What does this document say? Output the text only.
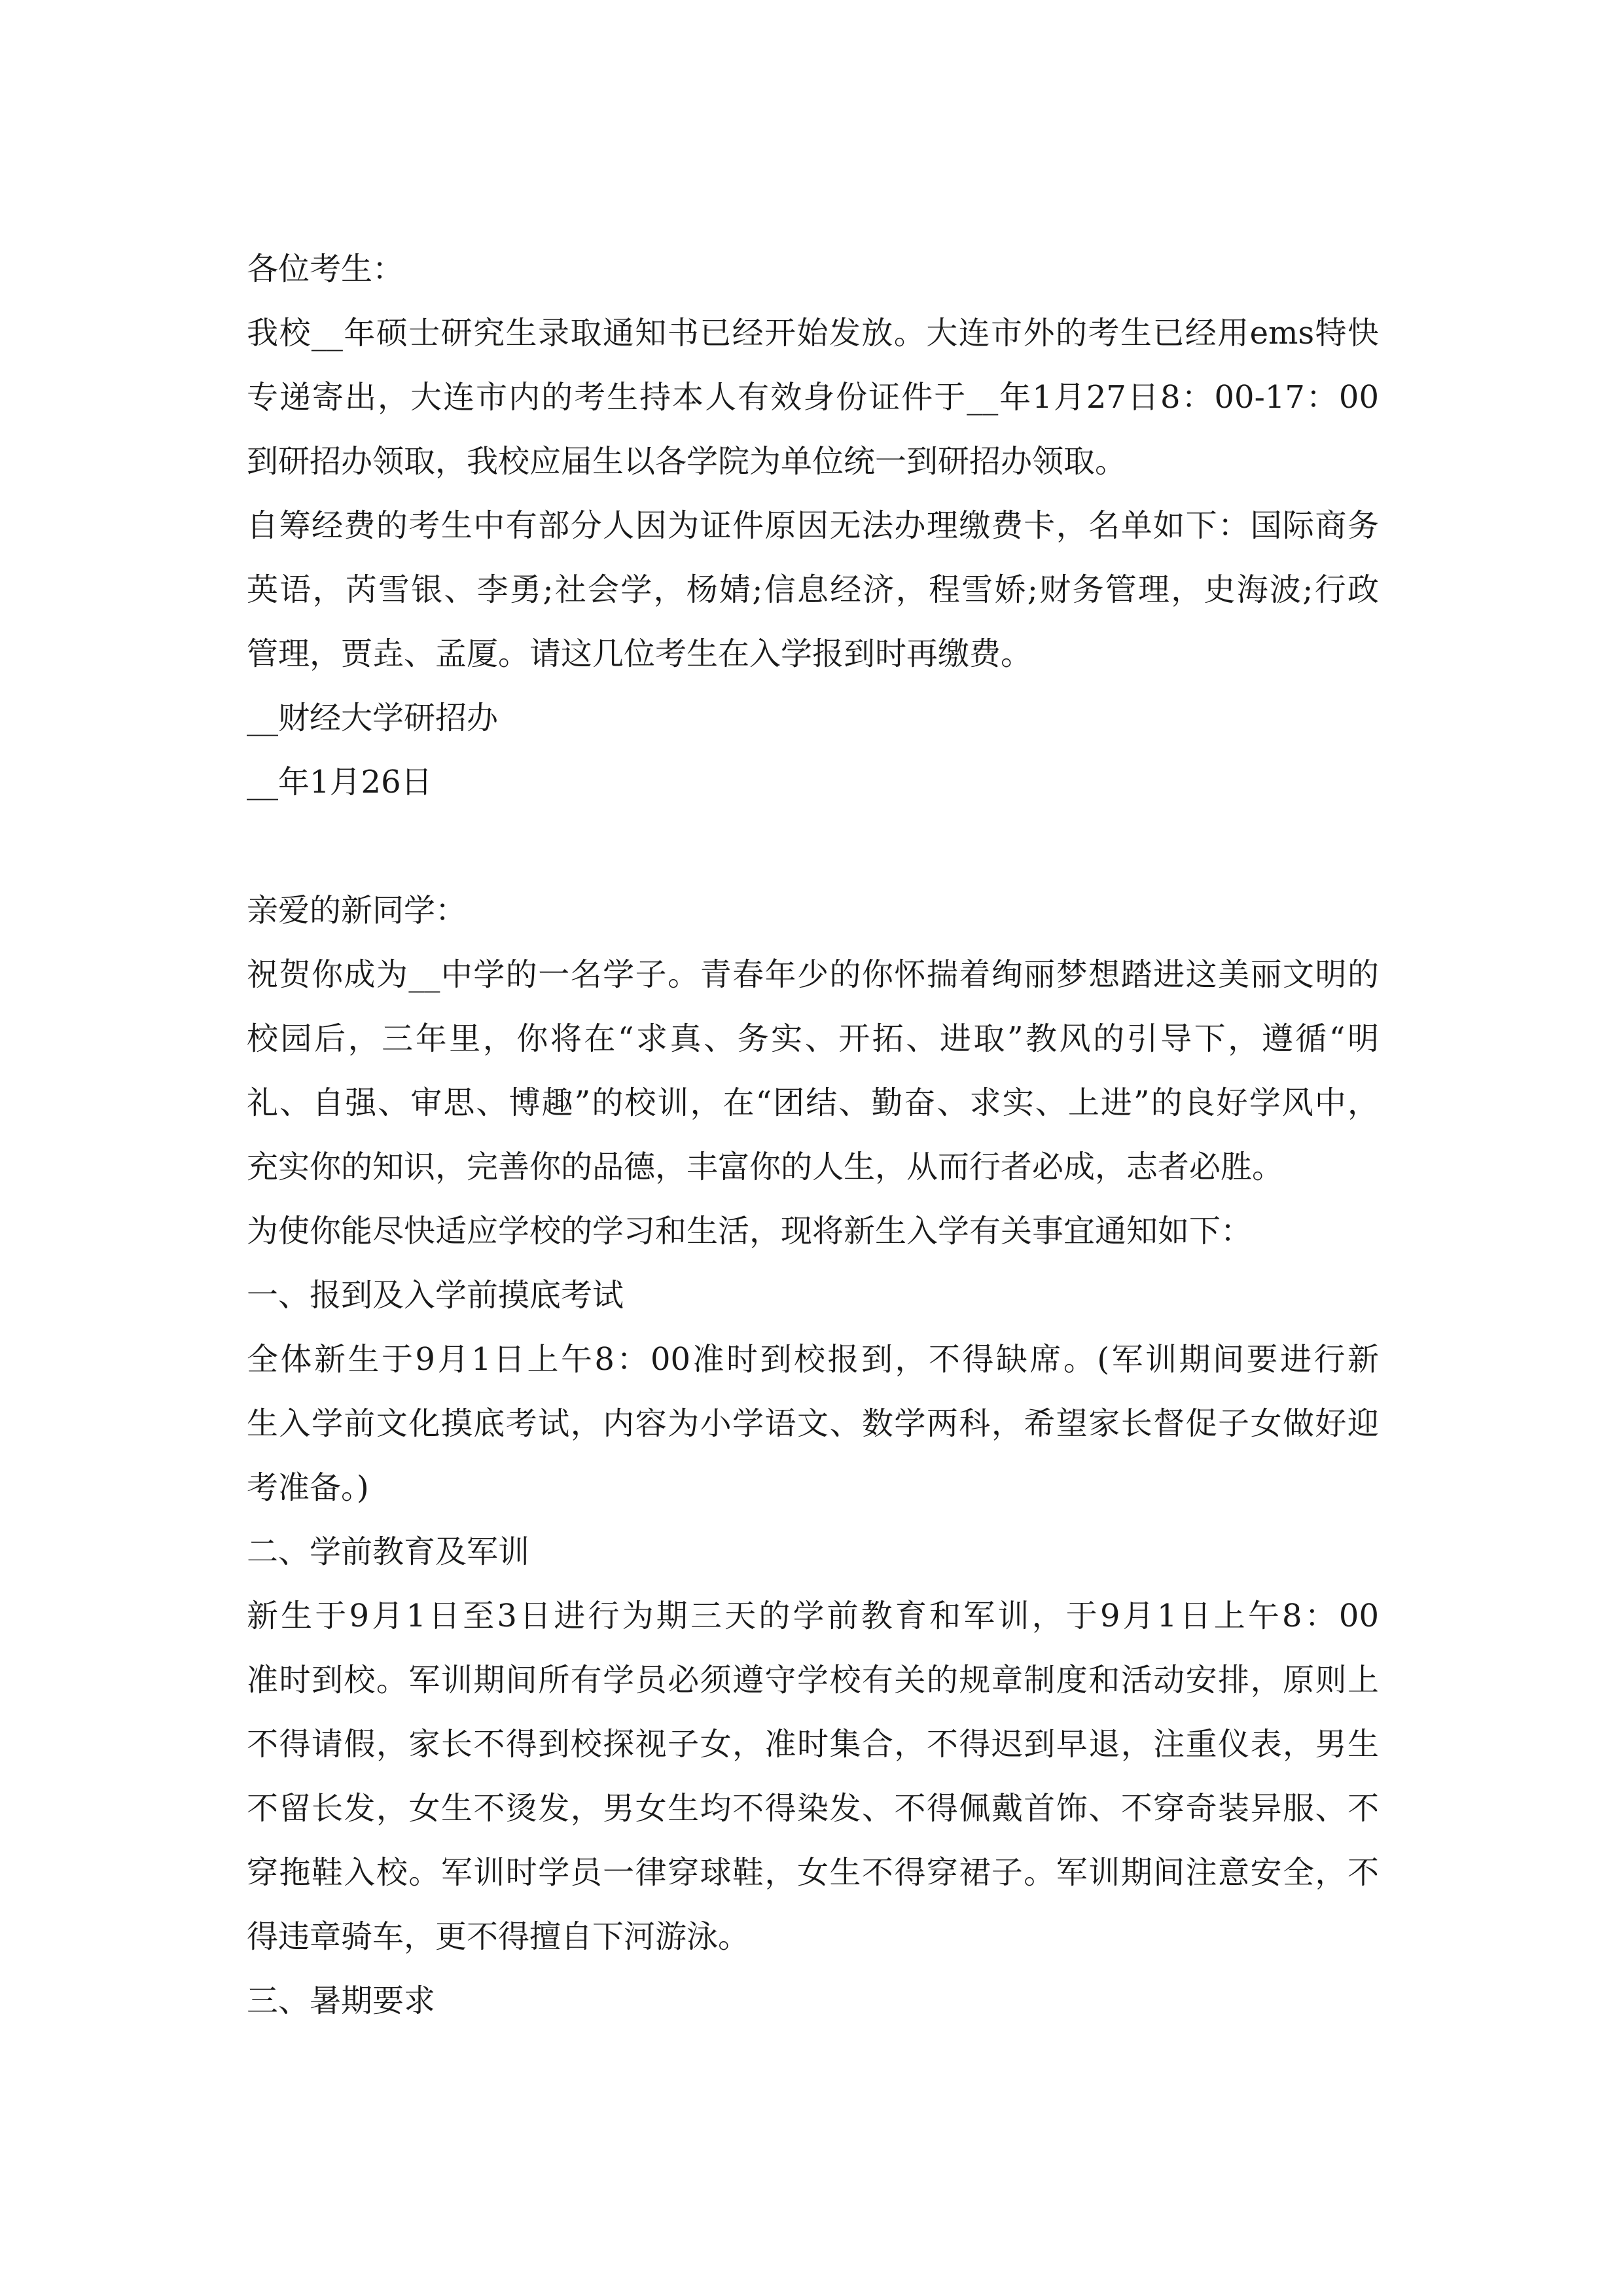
各位考生：
我校__年硕士研究生录取通知书已经开始发放。大连市外的考生已经用ems特快
专递寄出，大连市内的考生持本人有效身份证件于__年1月27日8：00-17：00
到研招办领取，我校应届生以各学院为单位统一到研招办领取。
自筹经费的考生中有部分人因为证件原因无法办理缴费卡，名单如下：国际商务
英语，芮雪银、李勇;社会学，杨婧;信息经济，程雪娇;财务管理，史海波;行政
管理，贾垚、孟厦。请这几位考生在入学报到时再缴费。
__财经大学研招办
__年1月26日
亲爱的新同学：
祝贺你成为__中学的一名学子。青春年少的你怀揣着绚丽梦想踏进这美丽文明的
校园后，三年里，你将在“求真、务实、开拓、进取”教风的引导下，遵循“明
礼、自强、审思、博趣”的校训，在“团结、勤奋、求实、上进”的良好学风中，
充实你的知识，完善你的品德，丰富你的人生，从而行者必成，志者必胜。
为使你能尽快适应学校的学习和生活，现将新生入学有关事宜通知如下：
一、报到及入学前摸底考试
全体新生于9月1日上午8：00准时到校报到，不得缺席。(军训期间要进行新
生入学前文化摸底考试，内容为小学语文、数学两科，希望家长督促子女做好迎
考准备。)
二、学前教育及军训
新生于9月1日至3日进行为期三天的学前教育和军训，于9月1日上午8：00
准时到校。军训期间所有学员必须遵守学校有关的规章制度和活动安排，原则上
不得请假，家长不得到校探视子女，准时集合，不得迟到早退，注重仪表，男生
不留长发，女生不烫发，男女生均不得染发、不得佩戴首饰、不穿奇装异服、不
穿拖鞋入校。军训时学员一律穿球鞋，女生不得穿裙子。军训期间注意安全，不
得违章骑车，更不得擅自下河游泳。
三、暑期要求
